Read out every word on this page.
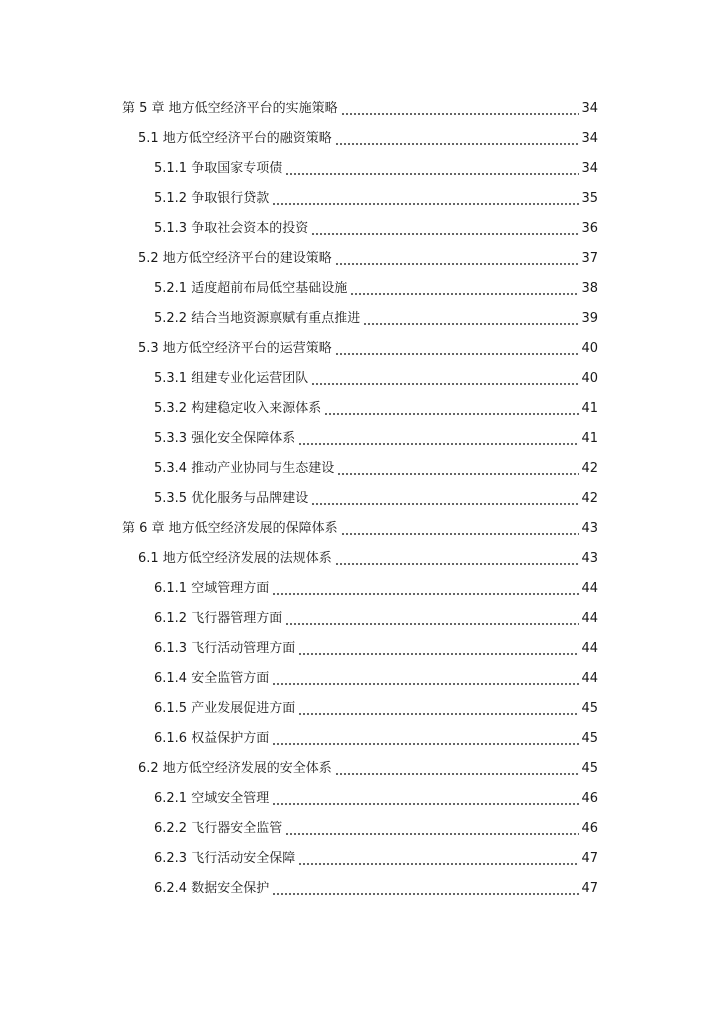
第 5 章 地方低空经济平台的实施策略	34
5.1 地方低空经济平台的融资策略	34
5.1.1 争取国家专项债	34
5.1.2 争取银行贷款	35
5.1.3 争取社会资本的投资	36
5.2 地方低空经济平台的建设策略	37
5.2.1 适度超前布局低空基础设施	38
5.2.2 结合当地资源禀赋有重点推进	39
5.3 地方低空经济平台的运营策略	40
5.3.1 组建专业化运营团队	40
5.3.2 构建稳定收入来源体系	41
5.3.3 强化安全保障体系	41
5.3.4 推动产业协同与生态建设	42
5.3.5 优化服务与品牌建设	42
第 6 章 地方低空经济发展的保障体系	43
6.1 地方低空经济发展的法规体系	43
6.1.1 空域管理方面	44
6.1.2 飞行器管理方面	44
6.1.3 飞行活动管理方面	44
6.1.4 安全监管方面	44
6.1.5 产业发展促进方面	45
6.1.6 权益保护方面	45
6.2 地方低空经济发展的安全体系	45
6.2.1 空域安全管理	46
6.2.2 飞行器安全监管	46
6.2.3 飞行活动安全保障	47
6.2.4 数据安全保护	47
